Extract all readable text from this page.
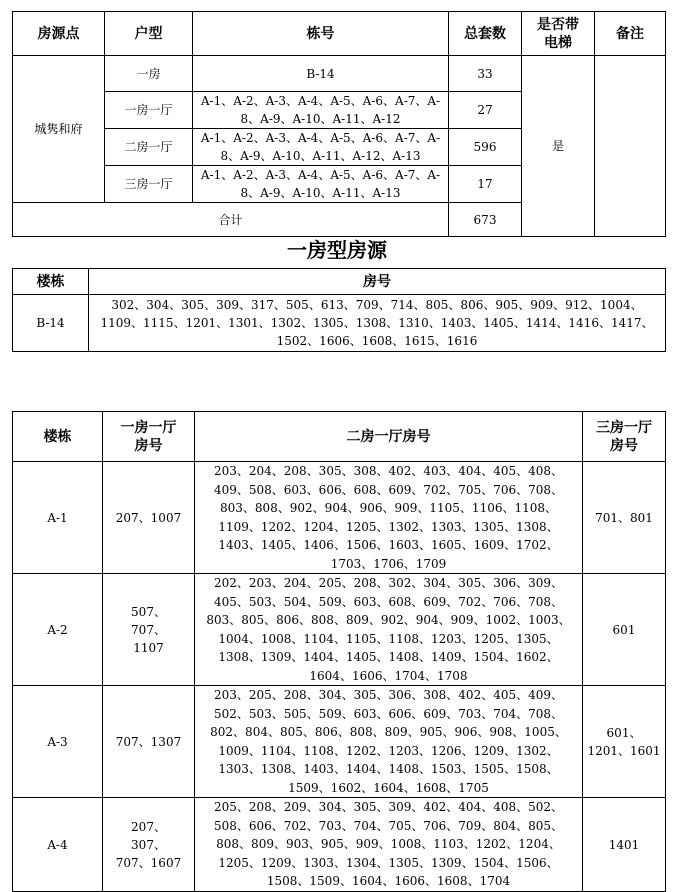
房源点	户型	栋号	总套数	是否带电梯	备注
城隽和府	一房	B-14	33	是	
	一房一厅	A-1、A-2、A-3、A-4、A-5、A-6、A-7、A-8、A-9、A-10、A-11、A-12	27		
	二房一厅	A-1、A-2、A-3、A-4、A-5、A-6、A-7、A-8、A-9、A-10、A-11、A-12、A-13	596		
	三房一厅	A-1、A-2、A-3、A-4、A-5、A-6、A-7、A-8、A-9、A-10、A-11、A-13	17		
合计			673		
一房型房源
楼栋	房号
B-14	302、304、305、309、317、505、613、709、714、805、806、905、909、912、1004、1109、1115、1201、1301、1302、1305、1308、1310、1403、1405、1414、1416、1417、1502、1606、1608、1615、1616
楼栋	一房一厅房号	二房一厅房号	三房一厅房号
A-1	207、1007	203、204、208、305、308、402、403、404、405、408、409、508、603、606、608、609、702、705、706、708、803、808、902、904、906、909、1105、1106、1108、1109、1202、1204、1205、1302、1303、1305、1308、1403、1405、1406、1506、1603、1605、1609、1702、1703、1706、1709	701、801
A-2	507、707、1107	202、203、204、205、208、302、304、305、306、309、405、503、504、509、603、608、609、702、706、708、803、805、806、808、809、902、904、909、1002、1003、1004、1008、1104、1105、1108、1203、1205、1305、1308、1309、1404、1405、1408、1409、1504、1602、1604、1606、1704、1708	601
A-3	707、1307	203、205、208、304、305、306、308、402、405、409、502、503、505、509、603、606、609、703、704、708、802、804、805、806、808、809、905、906、908、1005、1009、1104、1108、1202、1203、1206、1209、1302、1303、1308、1403、1404、1408、1503、1505、1508、1509、1602、1604、1608、1705	601、1201、1601
A-4	207、307、707、1607	205、208、209、304、305、309、402、404、408、502、508、606、702、703、704、705、706、709、804、805、808、809、903、905、909、1008、1103、1202、1204、1205、1209、1303、1304、1305、1309、1504、1506、1508、1509、1604、1606、1608、1704	1401
